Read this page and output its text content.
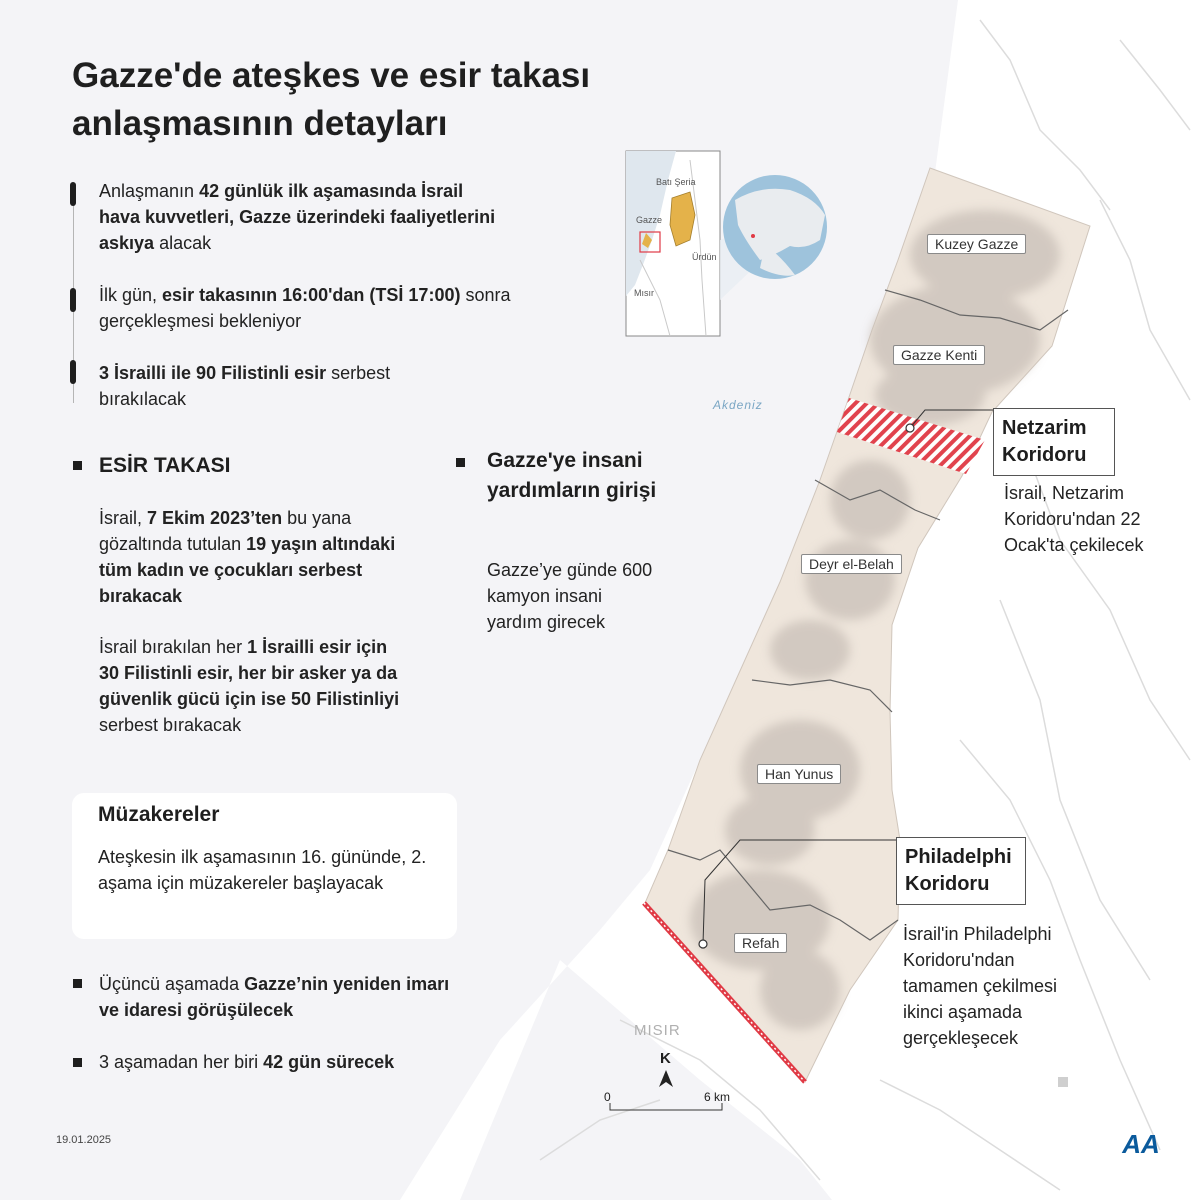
Gazze'de ateşkes ve esir takası
anlaşmasının detayları
Anlaşmanın 42 günlük ilk aşamasında İsrail hava kuvvetleri, Gazze üzerindeki faaliyetlerini askıya alacak
İlk gün, esir takasının 16:00'dan (TSİ 17:00) sonra gerçekleşmesi bekleniyor
3 İsrailli ile 90 Filistinli esir serbest bırakılacak
ESİR TAKASI
İsrail, 7 Ekim 2023’ten bu yana gözaltında tutulan 19 yaşın altındaki tüm kadın ve çocukları serbest bırakacak
İsrail bırakılan her 1 İsrailli esir için 30 Filistinli esir, her bir asker ya da güvenlik gücü için ise 50 Filistinliyi serbest bırakacak
Gazze'ye insani yardımların girişi
Gazze’ye günde 600 kamyon insani yardım girecek
Müzakereler
Ateşkesin ilk aşamasının 16. gününde, 2. aşama için müzakereler başlayacak
Üçüncü aşamada Gazze’nin yeniden imarı ve idaresi görüşülecek
3 aşamadan her biri 42 gün sürecek
Akdeniz
MISIR
Kuzey Gazze
Gazze Kenti
Deyr el-Belah
Han Yunus
Refah
Netzarim
Koridoru
İsrail, Netzarim Koridoru'ndan 22 Ocak'ta çekilecek
Philadelphi
Koridoru
İsrail'in Philadelphi Koridoru'ndan tamamen çekilmesi ikinci aşamada gerçekleşecek
K
0	6 km
Batı Şeria
Gazze
Ürdün
Mısır
19.01.2025	AA
